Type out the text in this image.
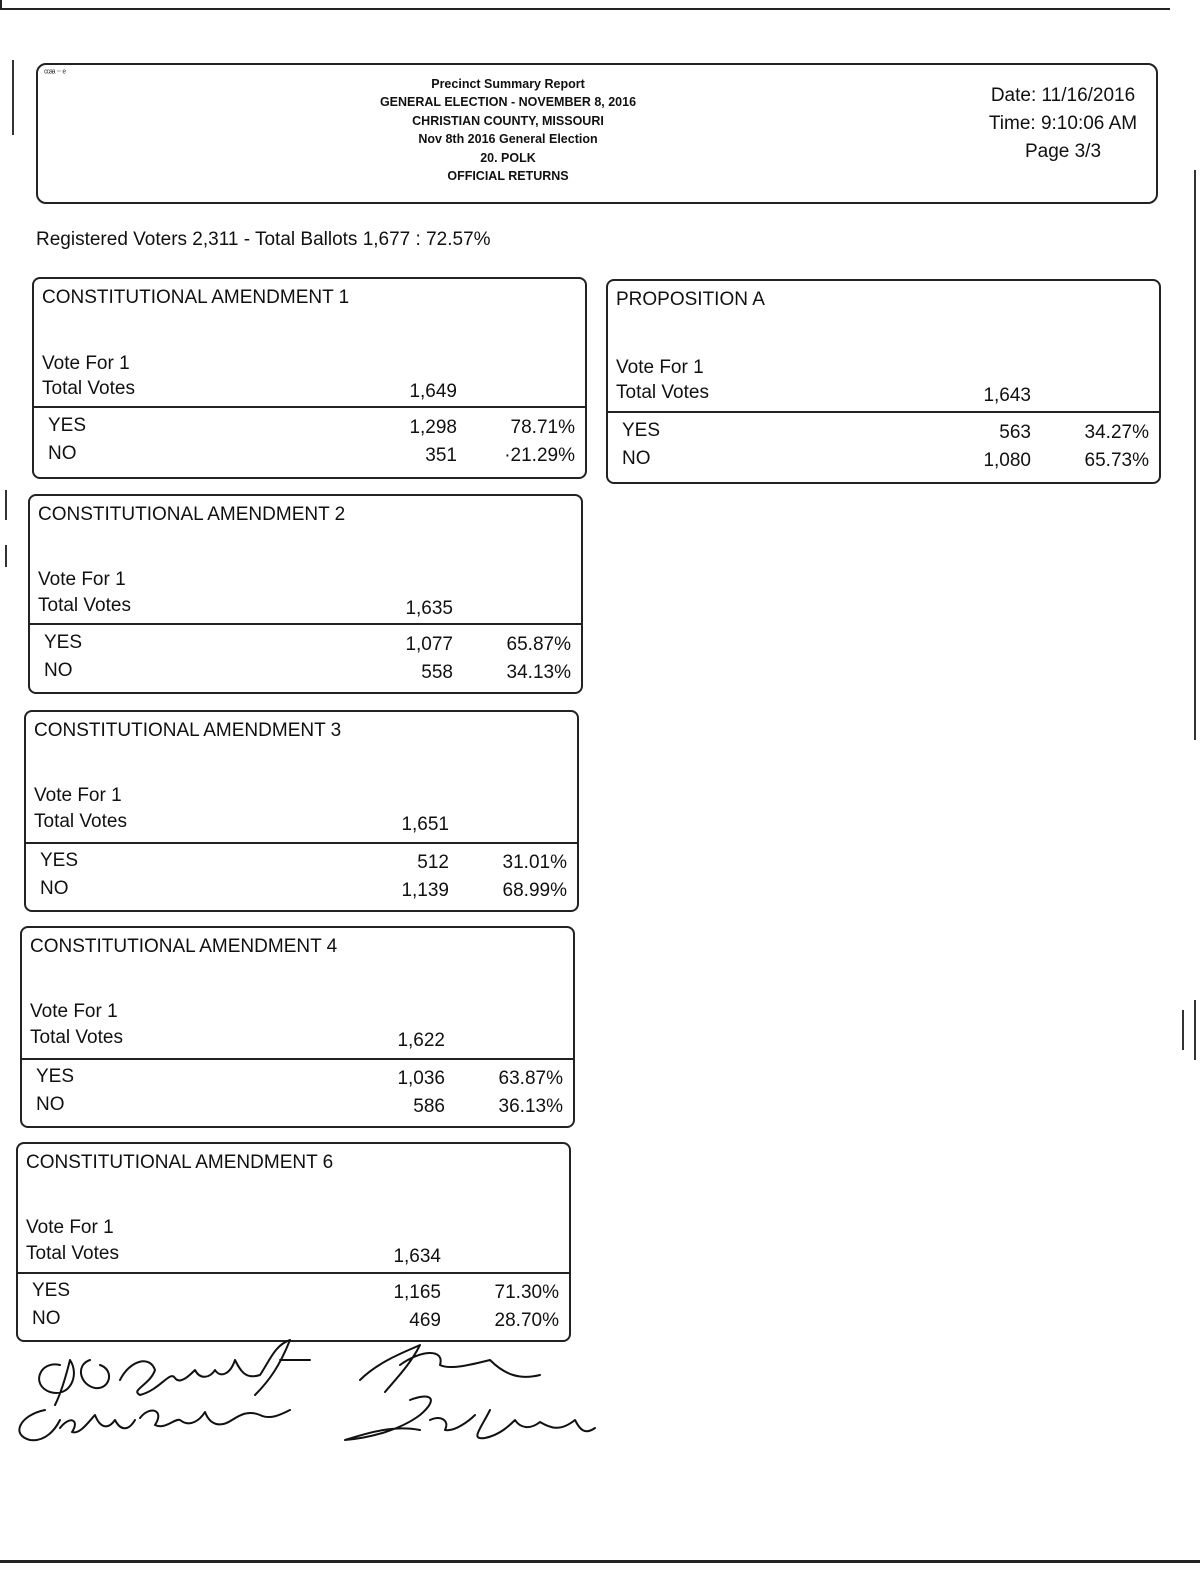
ᶜᶜᵃᵃ ⁻ ᵉ
Precinct Summary Report
GENERAL ELECTION - NOVEMBER 8, 2016
CHRISTIAN COUNTY, MISSOURI
Nov 8th 2016 General Election
20. POLK
OFFICIAL RETURNS
Date: 11/16/2016
Time: 9:10:06 AM
Page 3/3
Registered Voters 2,311 - Total Ballots 1,677 : 72.57%
CONSTITUTIONAL AMENDMENT 1
Vote For 1
Total Votes	1,649
YES	1,298	78.71%
NO	351 ·21.29%
CONSTITUTIONAL AMENDMENT 2
Vote For 1
Total Votes	1,635
YES	1,077	65.87%
NO	558	34.13%
CONSTITUTIONAL AMENDMENT 3
Vote For 1
Total Votes	1,651
YES	512	31.01%
NO	1,139	68.99%
CONSTITUTIONAL AMENDMENT 4
Vote For 1
Total Votes	1,622
YES	1,036	63.87%
NO	586	36.13%
CONSTITUTIONAL AMENDMENT 6
Vote For 1
Total Votes	1,634
YES	1,165	71.30%
NO	469	28.70%
PROPOSITION A
Vote For 1
Total Votes	1,643
YES	563	34.27%
NO	1,080	65.73%
